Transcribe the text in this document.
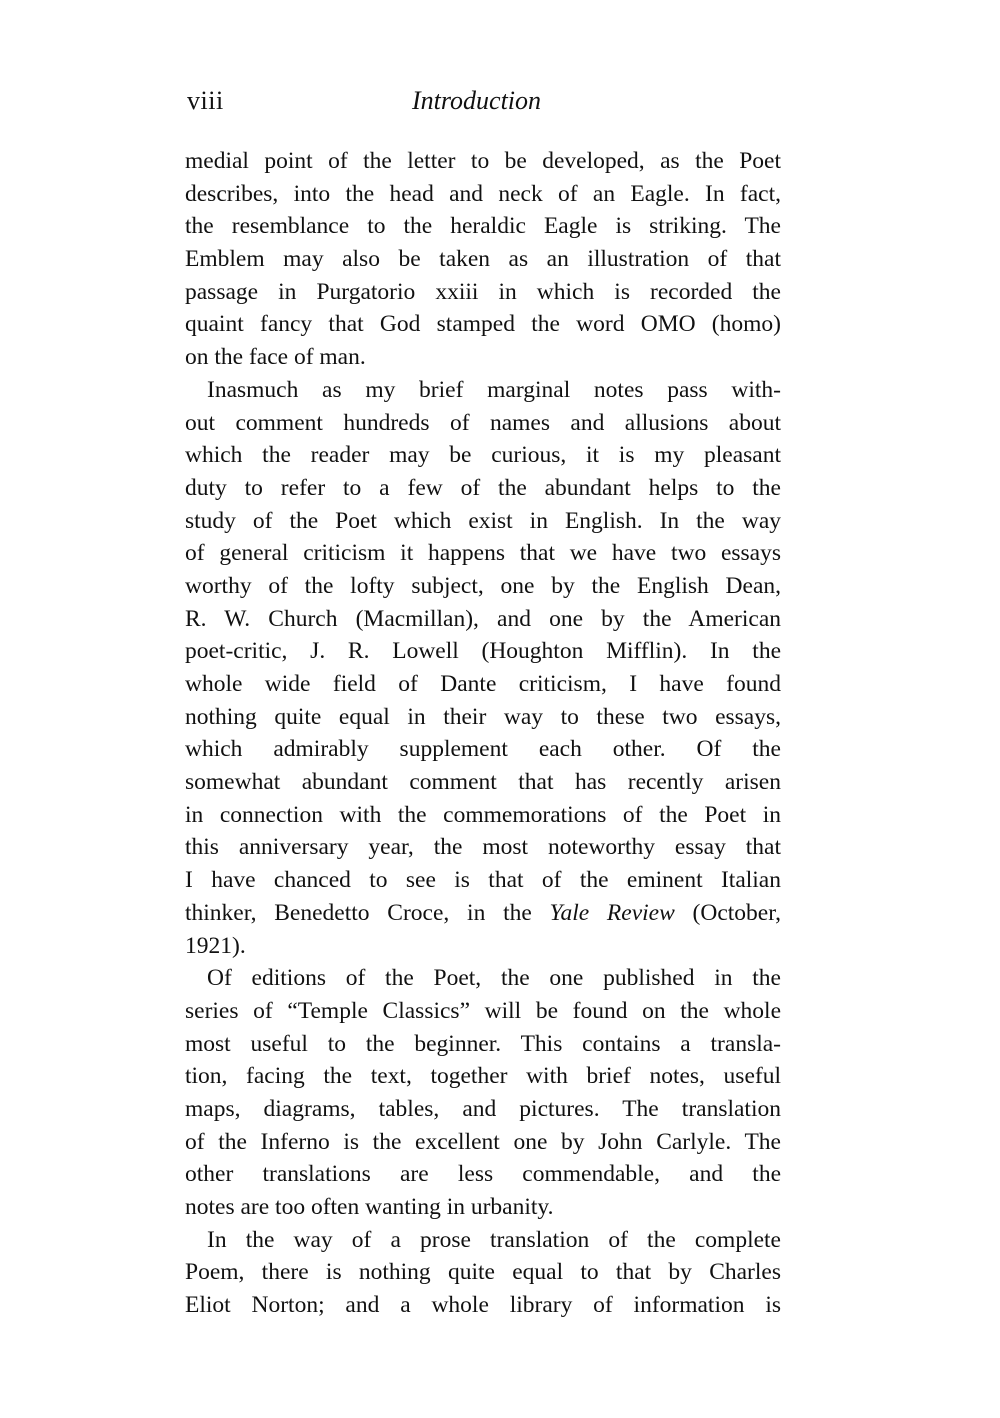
viii	Introduction
medial point of the letter to be developed, as the Poet
describes, into the head and neck of an Eagle. In fact,
the resemblance to the heraldic Eagle is striking. The
Emblem may also be taken as an illustration of that
passage in Purgatorio xxiii in which is recorded the
quaint fancy that God stamped the word OMO (homo)
on the face of man.
Inasmuch as my brief marginal notes pass with-
out comment hundreds of names and allusions about
which the reader may be curious, it is my pleasant
duty to refer to a few of the abundant helps to the
study of the Poet which exist in English. In the way
of general criticism it happens that we have two essays
worthy of the lofty subject, one by the English Dean,
R. W. Church (Macmillan), and one by the American
poet-critic, J. R. Lowell (Houghton Mifflin). In the
whole wide field of Dante criticism, I have found
nothing quite equal in their way to these two essays,
which admirably supplement each other. Of the
somewhat abundant comment that has recently arisen
in connection with the commemorations of the Poet in
this anniversary year, the most noteworthy essay that
I have chanced to see is that of the eminent Italian
thinker, Benedetto Croce, in the Yale Review (October,
1921).
Of editions of the Poet, the one published in the
series of “Temple Classics” will be found on the whole
most useful to the beginner. This contains a transla-
tion, facing the text, together with brief notes, useful
maps, diagrams, tables, and pictures. The translation
of the Inferno is the excellent one by John Carlyle. The
other translations are less commendable, and the
notes are too often wanting in urbanity.
In the way of a prose translation of the complete
Poem, there is nothing quite equal to that by Charles
Eliot Norton; and a whole library of information is
